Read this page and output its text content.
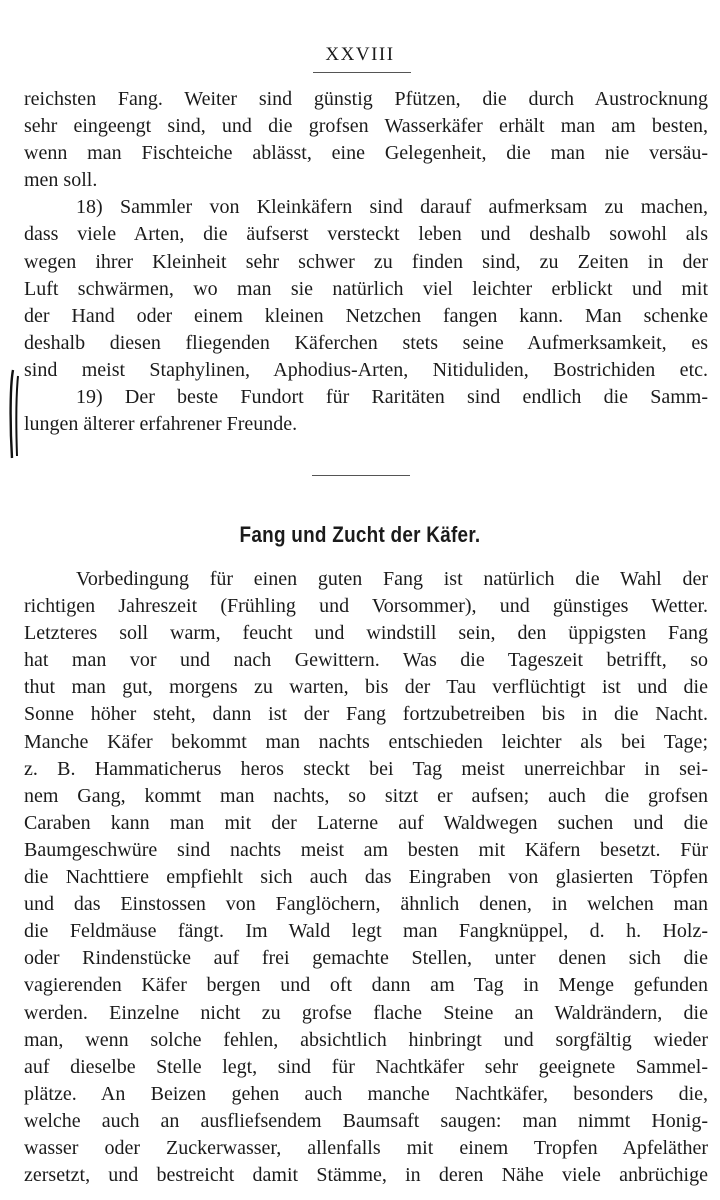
XXVIII
reichsten Fang. Weiter sind günstig Pfützen, die durch Austrocknung
sehr eingeengt sind, und die grofsen Wasserkäfer erhält man am besten,
wenn man Fischteiche ablässt, eine Gelegenheit, die man nie versäu-
men soll.
18) Sammler von Kleinkäfern sind darauf aufmerksam zu machen,
dass viele Arten, die äufserst versteckt leben und deshalb sowohl als
wegen ihrer Kleinheit sehr schwer zu finden sind, zu Zeiten in der
Luft schwärmen, wo man sie natürlich viel leichter erblickt und mit
der Hand oder einem kleinen Netzchen fangen kann. Man schenke
deshalb diesen fliegenden Käferchen stets seine Aufmerksamkeit, es
sind meist Staphylinen, Aphodius-Arten, Nitiduliden, Bostrichiden etc.
19) Der beste Fundort für Raritäten sind endlich die Samm-
lungen älterer erfahrener Freunde.
Fang und Zucht der Käfer.
Vorbedingung für einen guten Fang ist natürlich die Wahl der
richtigen Jahreszeit (Frühling und Vorsommer), und günstiges Wetter.
Letzteres soll warm, feucht und windstill sein, den üppigsten Fang
hat man vor und nach Gewittern. Was die Tageszeit betrifft, so
thut man gut, morgens zu warten, bis der Tau verflüchtigt ist und die
Sonne höher steht, dann ist der Fang fortzubetreiben bis in die Nacht.
Manche Käfer bekommt man nachts entschieden leichter als bei Tage;
z. B. Hammaticherus heros steckt bei Tag meist unerreichbar in sei-
nem Gang, kommt man nachts, so sitzt er aufsen; auch die grofsen
Caraben kann man mit der Laterne auf Waldwegen suchen und die
Baumgeschwüre sind nachts meist am besten mit Käfern besetzt. Für
die Nachttiere empfiehlt sich auch das Eingraben von glasierten Töpfen
und das Einstossen von Fanglöchern, ähnlich denen, in welchen man
die Feldmäuse fängt. Im Wald legt man Fangknüppel, d. h. Holz-
oder Rindenstücke auf frei gemachte Stellen, unter denen sich die
vagierenden Käfer bergen und oft dann am Tag in Menge gefunden
werden. Einzelne nicht zu grofse flache Steine an Waldrändern, die
man, wenn solche fehlen, absichtlich hinbringt und sorgfältig wieder
auf dieselbe Stelle legt, sind für Nachtkäfer sehr geeignete Sammel-
plätze. An Beizen gehen auch manche Nachtkäfer, besonders die,
welche auch an ausfliefsendem Baumsaft saugen: man nimmt Honig-
wasser oder Zuckerwasser, allenfalls mit einem Tropfen Apfeläther
zersetzt, und bestreicht damit Stämme, in deren Nähe viele anbrüchige
